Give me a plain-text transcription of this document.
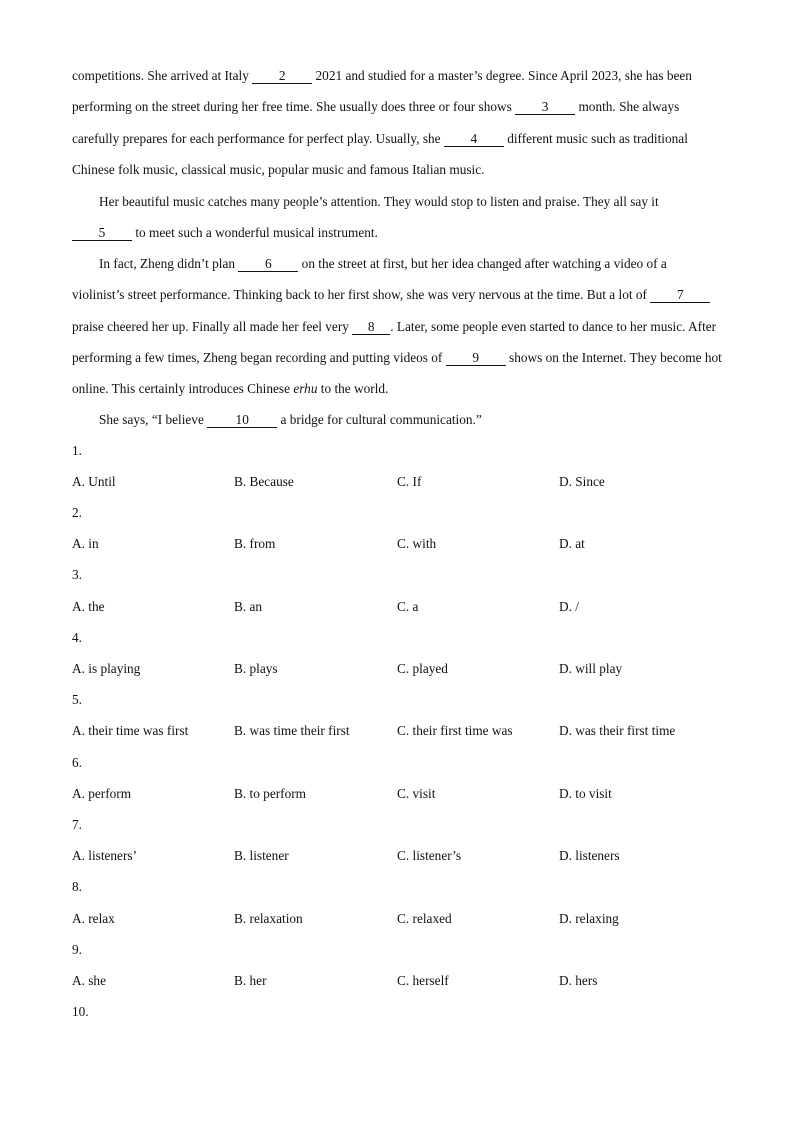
competitions. She arrived at Italy 2 2021 and studied for a master’s degree. Since April 2023, she has been performing on the street during her free time. She usually does three or four shows 3 month. She always carefully prepares for each performance for perfect play. Usually, she 4 different music such as traditional Chinese folk music, classical music, popular music and famous Italian music.

Her beautiful music catches many people’s attention. They would stop to listen and praise. They all say it 5 to meet such a wonderful musical instrument.

In fact, Zheng didn’t plan 6 on the street at first, but her idea changed after watching a video of a violinist’s street performance. Thinking back to her first show, she was very nervous at the time. But a lot of 7 praise cheered her up. Finally all made her feel very 8 . Later, some people even started to dance to her music. After performing a few times, Zheng began recording and putting videos of 9 shows on the Internet. They become hot online. This certainly introduces Chinese erhu to the world.

She says, “I believe 10 a bridge for cultural communication.”

1.
A. Until	B. Because	C. If	D. Since
2.
A. in	B. from	C. with	D. at
3.
A. the	B. an	C. a	D. /
4.
A. is playing	B. plays	C. played	D. will play
5.
A. their time was first	B. was time their first	C. their first time was	D. was their first time
6.
A. perform	B. to perform	C. visit	D. to visit
7.
A. listeners’	B. listener	C. listener’s	D. listeners
8.
A. relax	B. relaxation	C. relaxed	D. relaxing
9.
A. she	B. her	C. herself	D. hers
10.
